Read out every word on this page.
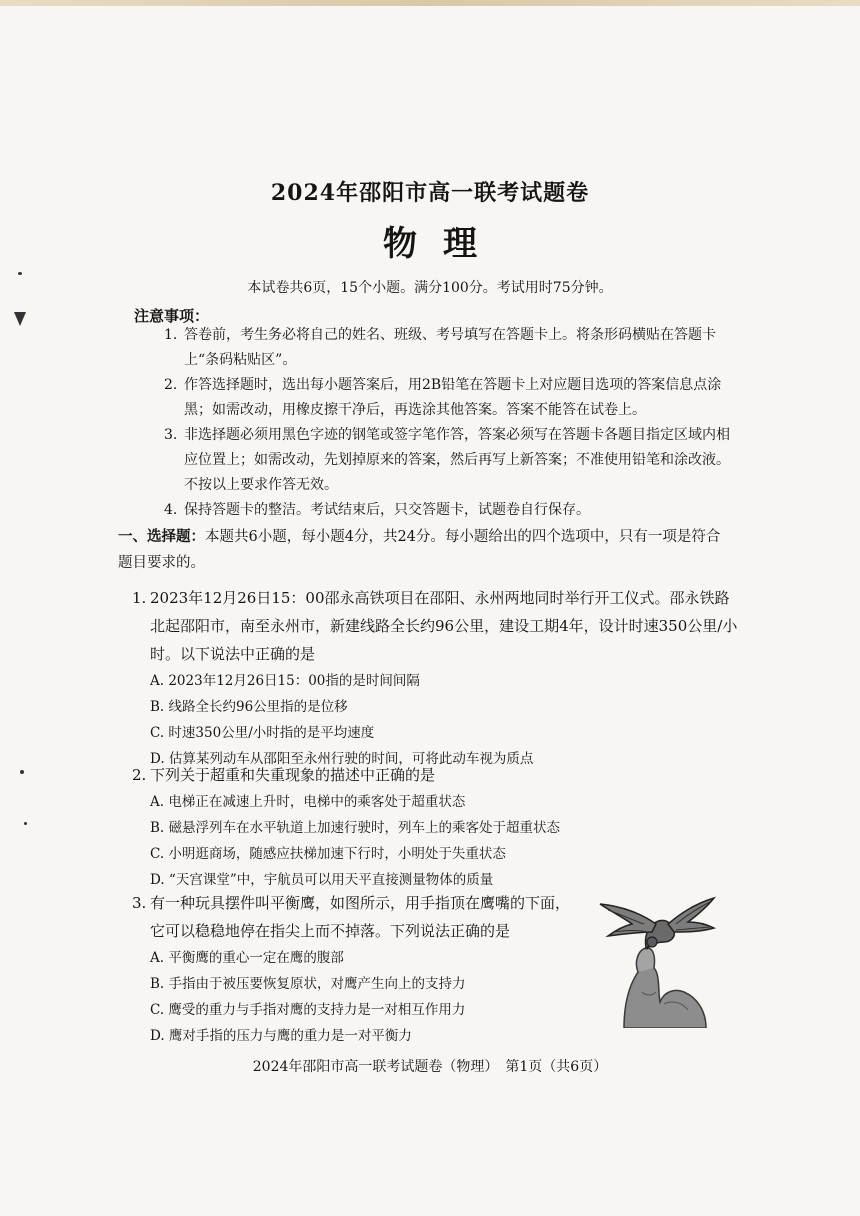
2024年邵阳市高一联考试题卷
物理
本试卷共6页，15个小题。满分100分。考试用时75分钟。
注意事项：
1. 答卷前，考生务必将自己的姓名、班级、考号填写在答题卡上。将条形码横贴在答题卡上“条码粘贴区”。
2. 作答选择题时，选出每小题答案后，用2B铅笔在答题卡上对应题目选项的答案信息点涂黑；如需改动，用橡皮擦干净后，再选涂其他答案。答案不能答在试卷上。
3. 非选择题必须用黑色字迹的钢笔或签字笔作答，答案必须写在答题卡各题目指定区域内相应位置上；如需改动，先划掉原来的答案，然后再写上新答案；不准使用铅笔和涂改液。不按以上要求作答无效。
4. 保持答题卡的整洁。考试结束后，只交答题卡，试题卷自行保存。
一、选择题：本题共6小题，每小题4分，共24分。每小题给出的四个选项中，只有一项是符合题目要求的。
1. 2023年12月26日15：00邵永高铁项目在邵阳、永州两地同时举行开工仪式。邵永铁路北起邵阳市，南至永州市，新建线路全长约96公里，建设工期4年，设计时速350公里/小时。以下说法中正确的是
A. 2023年12月26日15：00指的是时间间隔
B. 线路全长约96公里指的是位移
C. 时速350公里/小时指的是平均速度
D. 估算某列动车从邵阳至永州行驶的时间，可将此动车视为质点
2. 下列关于超重和失重现象的描述中正确的是
A. 电梯正在减速上升时，电梯中的乘客处于超重状态
B. 磁悬浮列车在水平轨道上加速行驶时，列车上的乘客处于超重状态
C. 小明逛商场，随感应扶梯加速下行时，小明处于失重状态
D. “天宫课堂”中，宇航员可以用天平直接测量物体的质量
3. 有一种玩具摆件叫平衡鹰，如图所示，用手指顶在鹰嘴的下面，它可以稳稳地停在指尖上而不掉落。下列说法正确的是
A. 平衡鹰的重心一定在鹰的腹部
B. 手指由于被压要恢复原状，对鹰产生向上的支持力
C. 鹰受的重力与手指对鹰的支持力是一对相互作用力
D. 鹰对手指的压力与鹰的重力是一对平衡力
2024年邵阳市高一联考试题卷（物理）　第1页（共6页）
